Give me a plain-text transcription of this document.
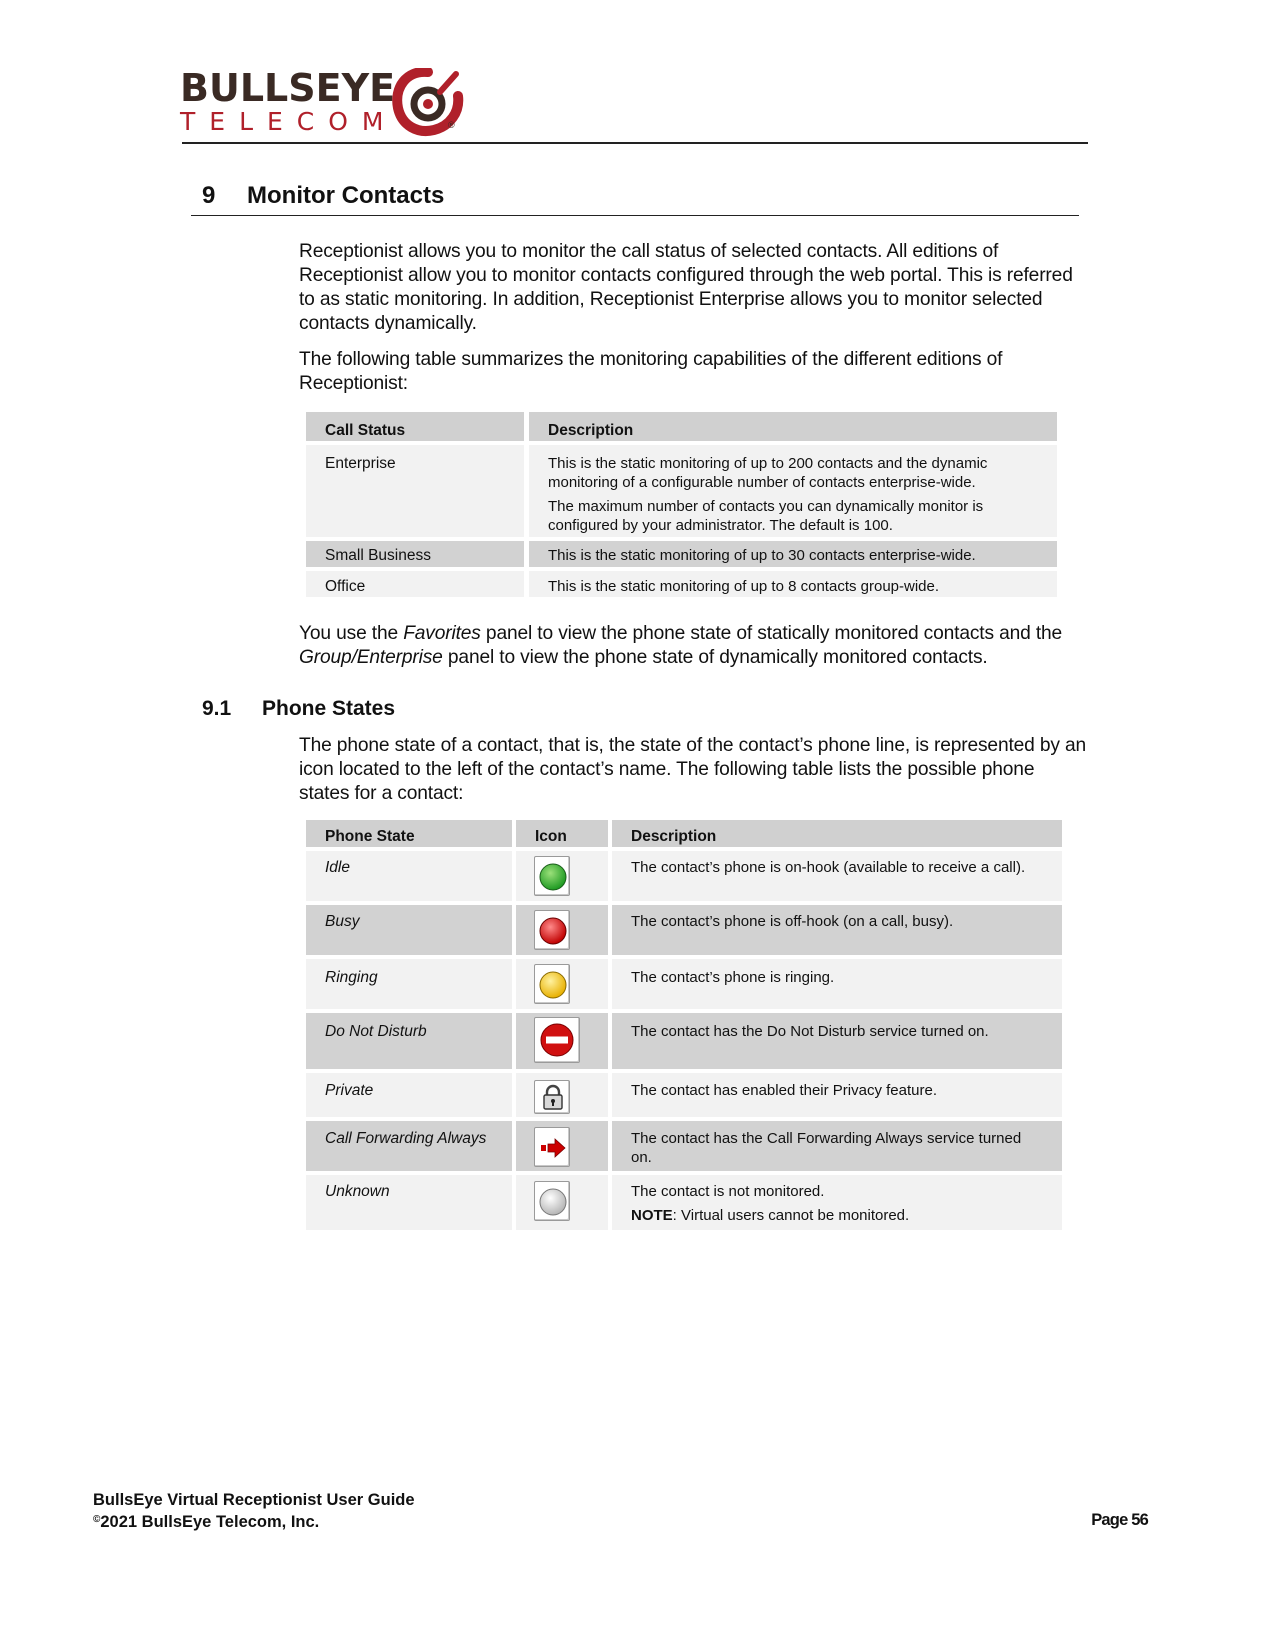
BULLSEYE
TELECOM	®
9 Monitor Contacts
Receptionist allows you to monitor the call status of selected contacts. All editions of Receptionist allow you to monitor contacts configured through the web portal. This is referred to as static monitoring. In addition, Receptionist Enterprise allows you to monitor selected contacts dynamically.
The following table summarizes the monitoring capabilities of the different editions of Receptionist:
Call Status	Description
Enterprise	This is the static monitoring of up to 200 contacts and the dynamic monitoring of a configurable number of contacts enterprise-wide.
The maximum number of contacts you can dynamically monitor is configured by your administrator. The default is 100.
Small Business	This is the static monitoring of up to 30 contacts enterprise-wide.
Office	This is the static monitoring of up to 8 contacts group-wide.
You use the Favorites panel to view the phone state of statically monitored contacts and the Group/Enterprise panel to view the phone state of dynamically monitored contacts.
9.1 Phone States
The phone state of a contact, that is, the state of the contact’s phone line, is represented by an icon located to the left of the contact’s name. The following table lists the possible phone states for a contact:
Phone State	Icon	Description
Idle	The contact’s phone is on-hook (available to receive a call).
Busy	The contact’s phone is off-hook (on a call, busy).
Ringing	The contact’s phone is ringing.
Do Not Disturb	The contact has the Do Not Disturb service turned on.
Private	The contact has enabled their Privacy feature.
Call Forwarding Always	The contact has the Call Forwarding Always service turned on.
Unknown	The contact is not monitored.
NOTE: Virtual users cannot be monitored.
BullsEye Virtual Receptionist User Guide
©2021 BullsEye Telecom, Inc.	Page 56
